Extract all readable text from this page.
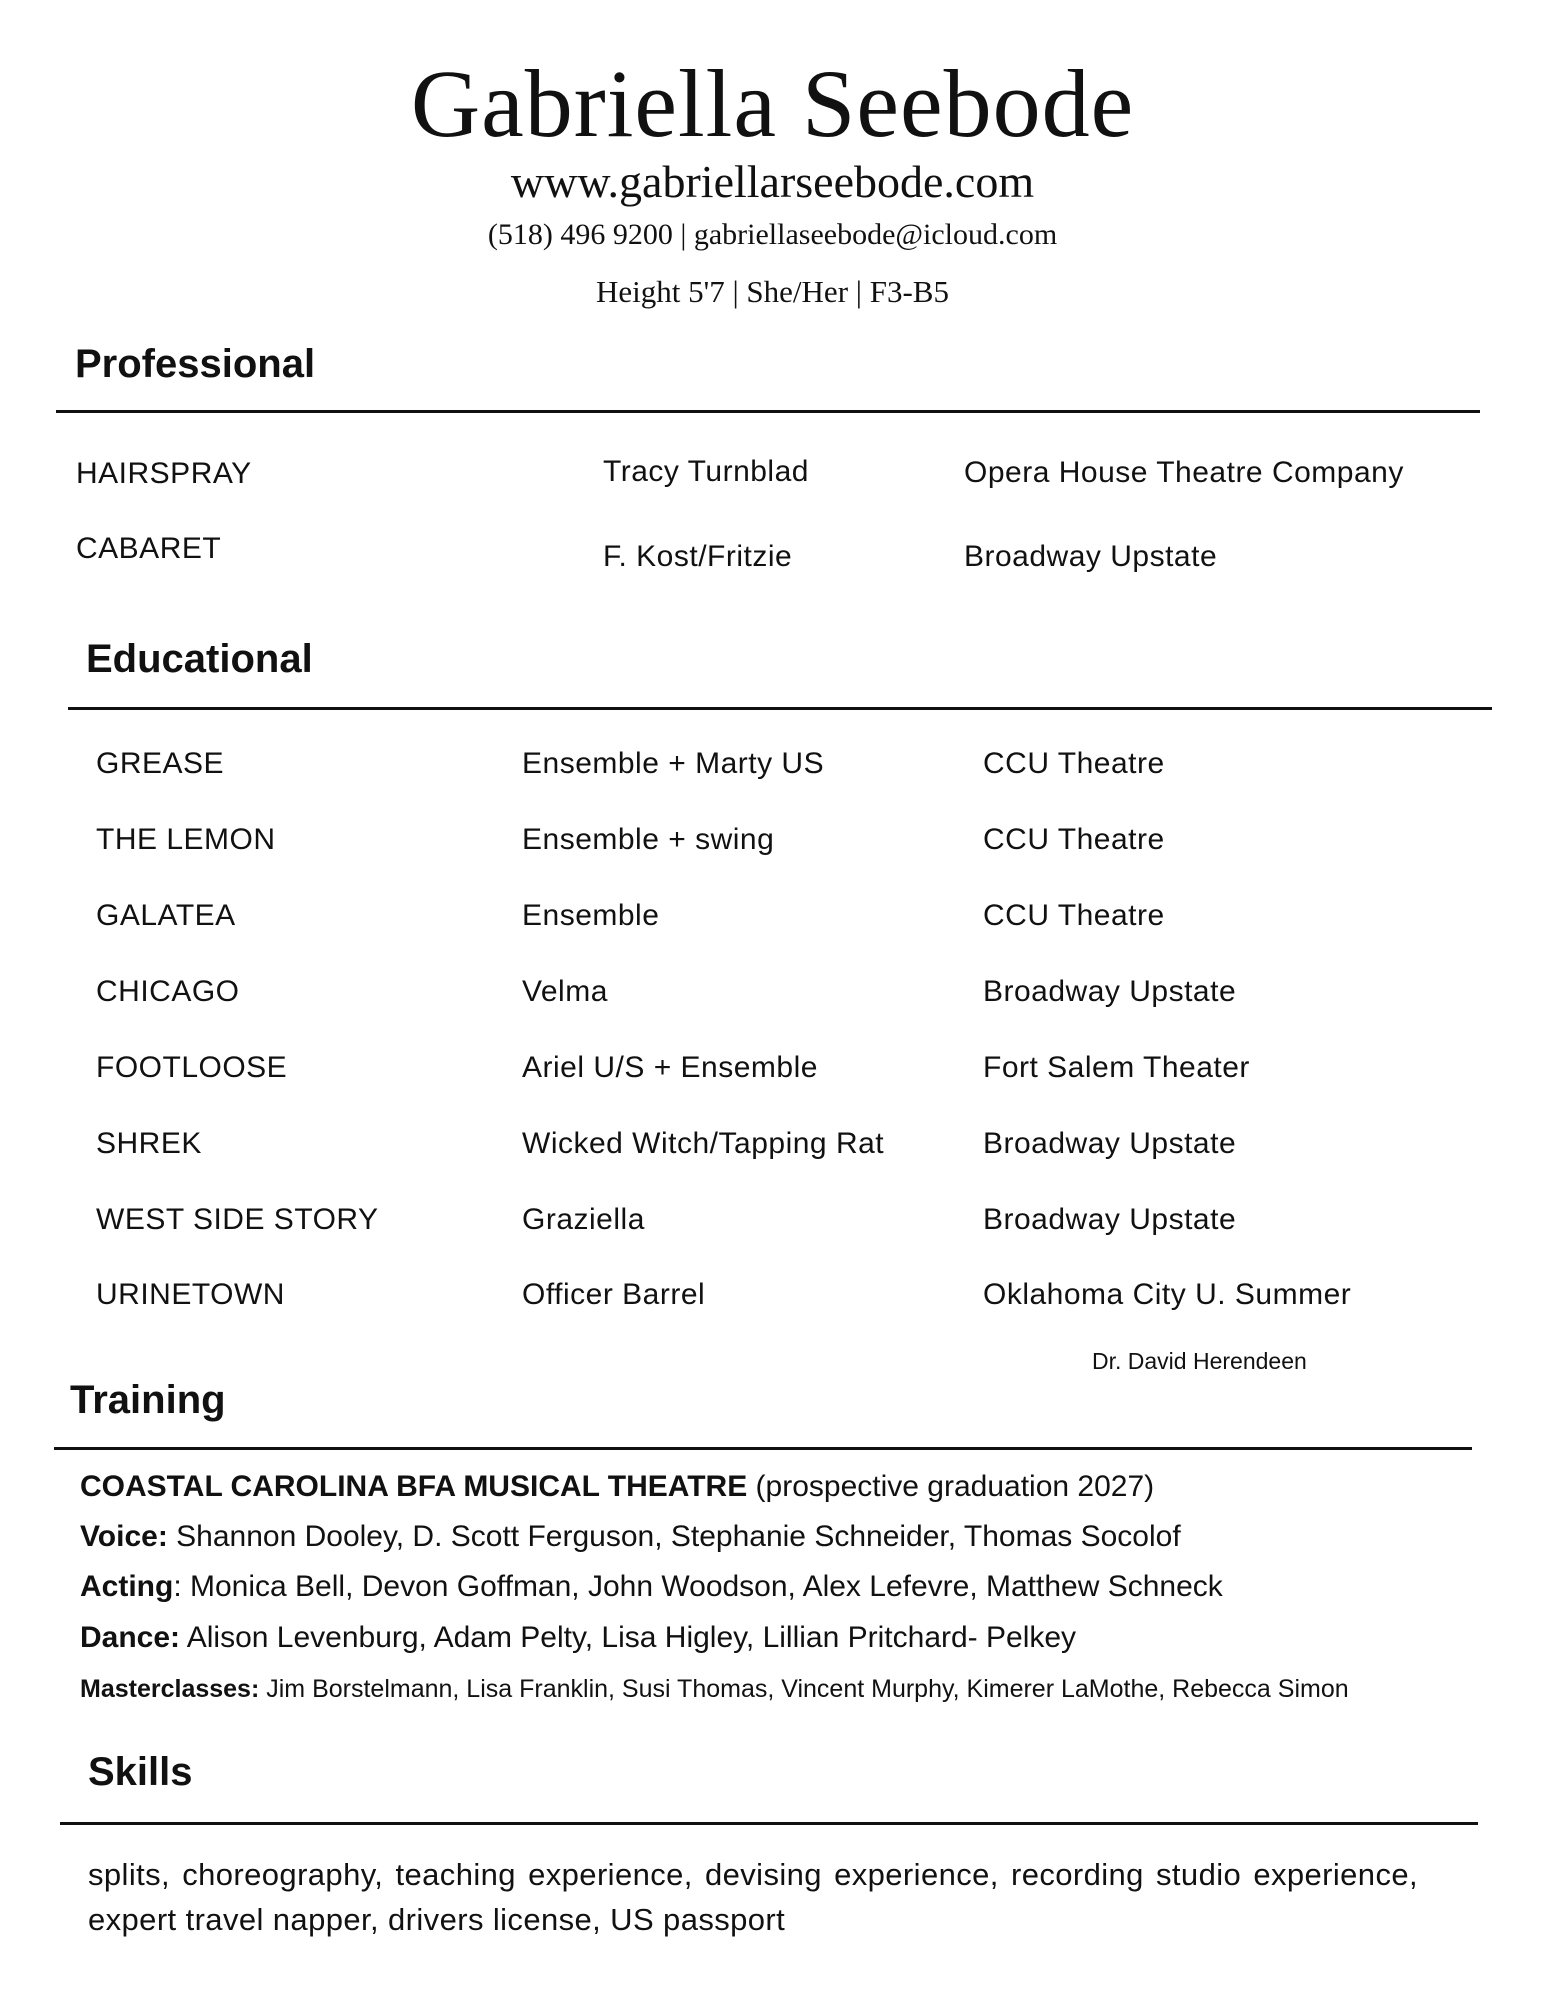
Gabriella Seebode
www.gabriellarseebode.com
(518) 496 9200 | gabriellaseebode@icloud.com
Height 5'7 | She/Her | F3-B5
Professional
HAIRSPRAY	Tracy Turnblad	Opera House Theatre Company
CABARET	F. Kost/Fritzie	Broadway Upstate
Educational
GREASE	Ensemble + Marty US	CCU Theatre
THE LEMON	Ensemble + swing	CCU Theatre
GALATEA	Ensemble	CCU Theatre
CHICAGO	Velma	Broadway Upstate
FOOTLOOSE	Ariel U/S + Ensemble	Fort Salem Theater
SHREK	Wicked Witch/Tapping Rat	Broadway Upstate
WEST SIDE STORY	Graziella	Broadway Upstate
URINETOWN	Officer Barrel	Oklahoma City U. Summer
Dr. David Herendeen
Training
COASTAL CAROLINA BFA MUSICAL THEATRE (prospective graduation 2027)
Voice: Shannon Dooley, D. Scott Ferguson, Stephanie Schneider, Thomas Socolof
Acting: Monica Bell, Devon Goffman, John Woodson, Alex Lefevre, Matthew Schneck
Dance: Alison Levenburg, Adam Pelty, Lisa Higley, Lillian Pritchard- Pelkey
Masterclasses: Jim Borstelmann, Lisa Franklin, Susi Thomas, Vincent Murphy, Kimerer LaMothe, Rebecca Simon
Skills
splits, choreography, teaching experience, devising experience, recording studio experience, expert travel napper, drivers license, US passport
